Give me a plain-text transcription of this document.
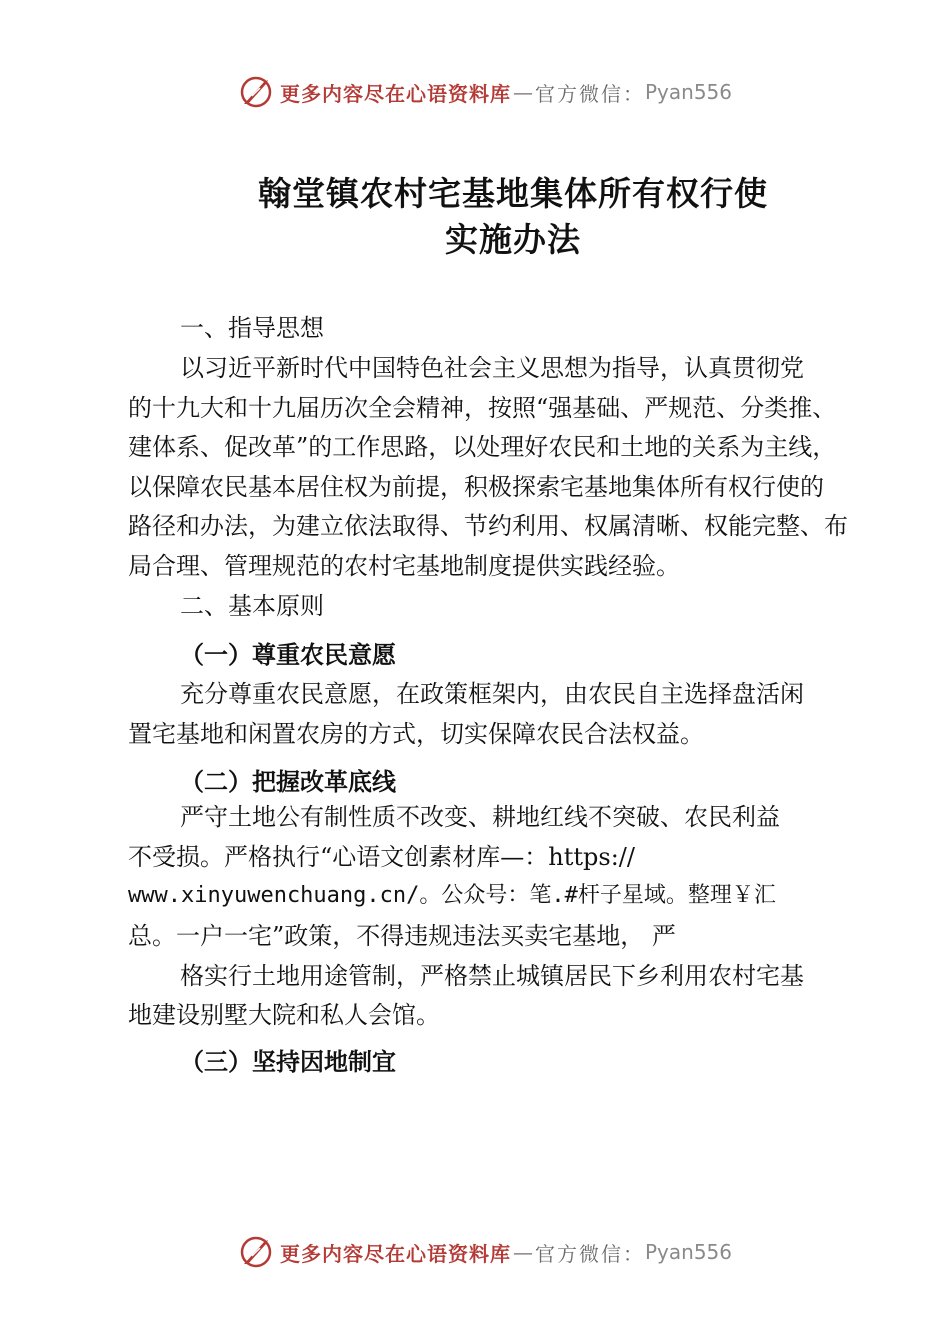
更多内容尽在心语资料库 — 官方微信： Pyan556
翰堂镇农村宅基地集体所有权行使
实施办法
一、指导思想
以习近平新时代中国特色社会主义思想为指导，认真贯彻党
的十九大和十九届历次全会精神，按照“强基础、严规范、分类推、
建体系、促改革”的工作思路，以处理好农民和土地的关系为主线，
以保障农民基本居住权为前提，积极探索宅基地集体所有权行使的
路径和办法，为建立依法取得、节约利用、权属清晰、权能完整、布
局合理、管理规范的农村宅基地制度提供实践经验。
二、基本原则
（一）尊重农民意愿
充分尊重农民意愿，在政策框架内，由农民自主选择盘活闲
置宅基地和闲置农房的方式，切实保障农民合法权益。
（二）把握改革底线
严守土地公有制性质不改变、耕地红线不突破、农民利益
不受损。严格执行“心语文创素材库—：https://
www.xinyuwenchuang.cn/。公众号：笔.#杆子星域。整理￥汇
总。一户一宅”政策，不得违规违法买卖宅基地， 严
格实行土地用途管制，严格禁止城镇居民下乡利用农村宅基
地建设别墅大院和私人会馆。
（三）坚持因地制宜
更多内容尽在心语资料库 — 官方微信： Pyan556
